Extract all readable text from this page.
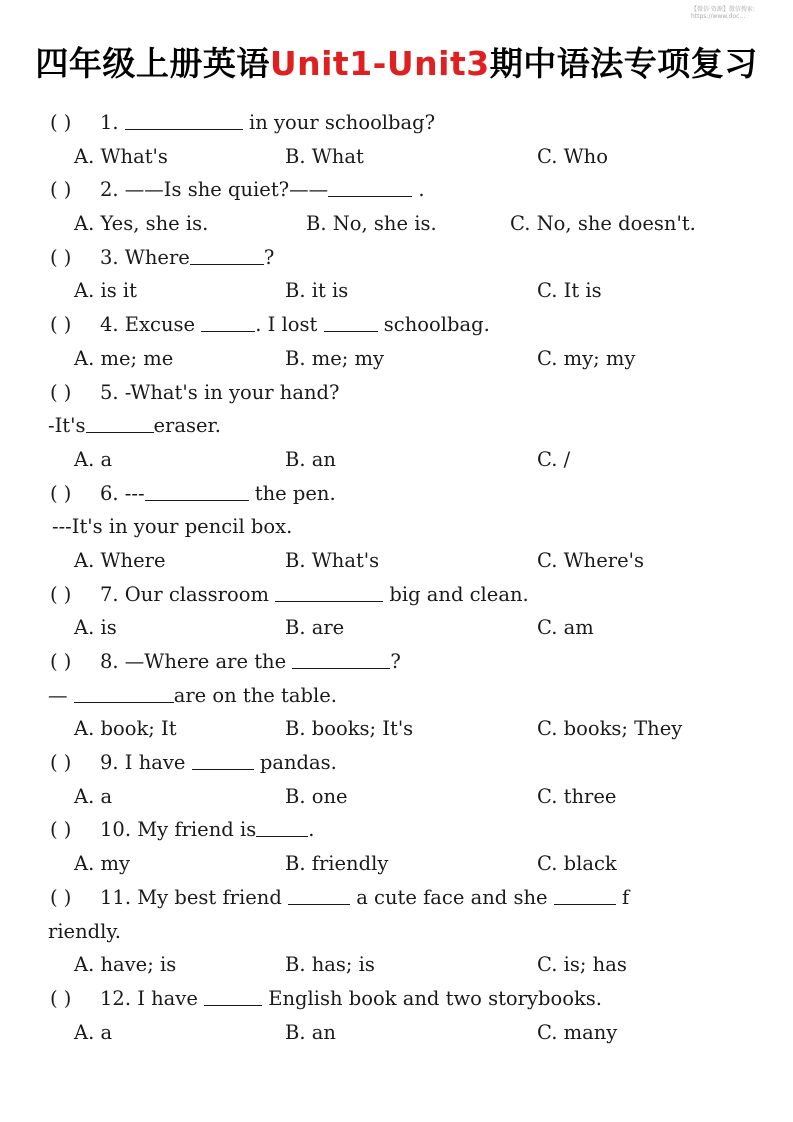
【微信·资源】微信搜索: https://www.doc…
四年级上册英语Unit1-Unit3期中语法专项复习
( ) 1.	in your schoolbag?
A. What's	B. What	C. Who
( ) 2. ——Is she quiet?——	.
A. Yes, she is.	B. No, she is.	C. No, she doesn't.
( ) 3. Where	?
A. is it	B. it is	C. It is
( ) 4. Excuse	. I lost	schoolbag.
A. me; me	B. me; my	C. my; my
( ) 5. -What's in your hand?
-It's	eraser.
A. a	B. an	C. /
( ) 6. ---	the pen.
---It's in your pencil box.
A. Where	B. What's	C. Where's
( ) 7. Our classroom	big and clean.
A. is	B. are	C. am
( ) 8. —Where are the	?
—	are on the table.
A. book; It	B. books; It's	C. books; They
( ) 9. I have	pandas.
A. a	B. one	C. three
( ) 10. My friend is	.
A. my	B. friendly	C. black
( ) 11. My best friend	a cute face and she	f
riendly.
A. have; is	B. has; is	C. is; has
( ) 12. I have	English book and two storybooks.
A. a	B. an	C. many
